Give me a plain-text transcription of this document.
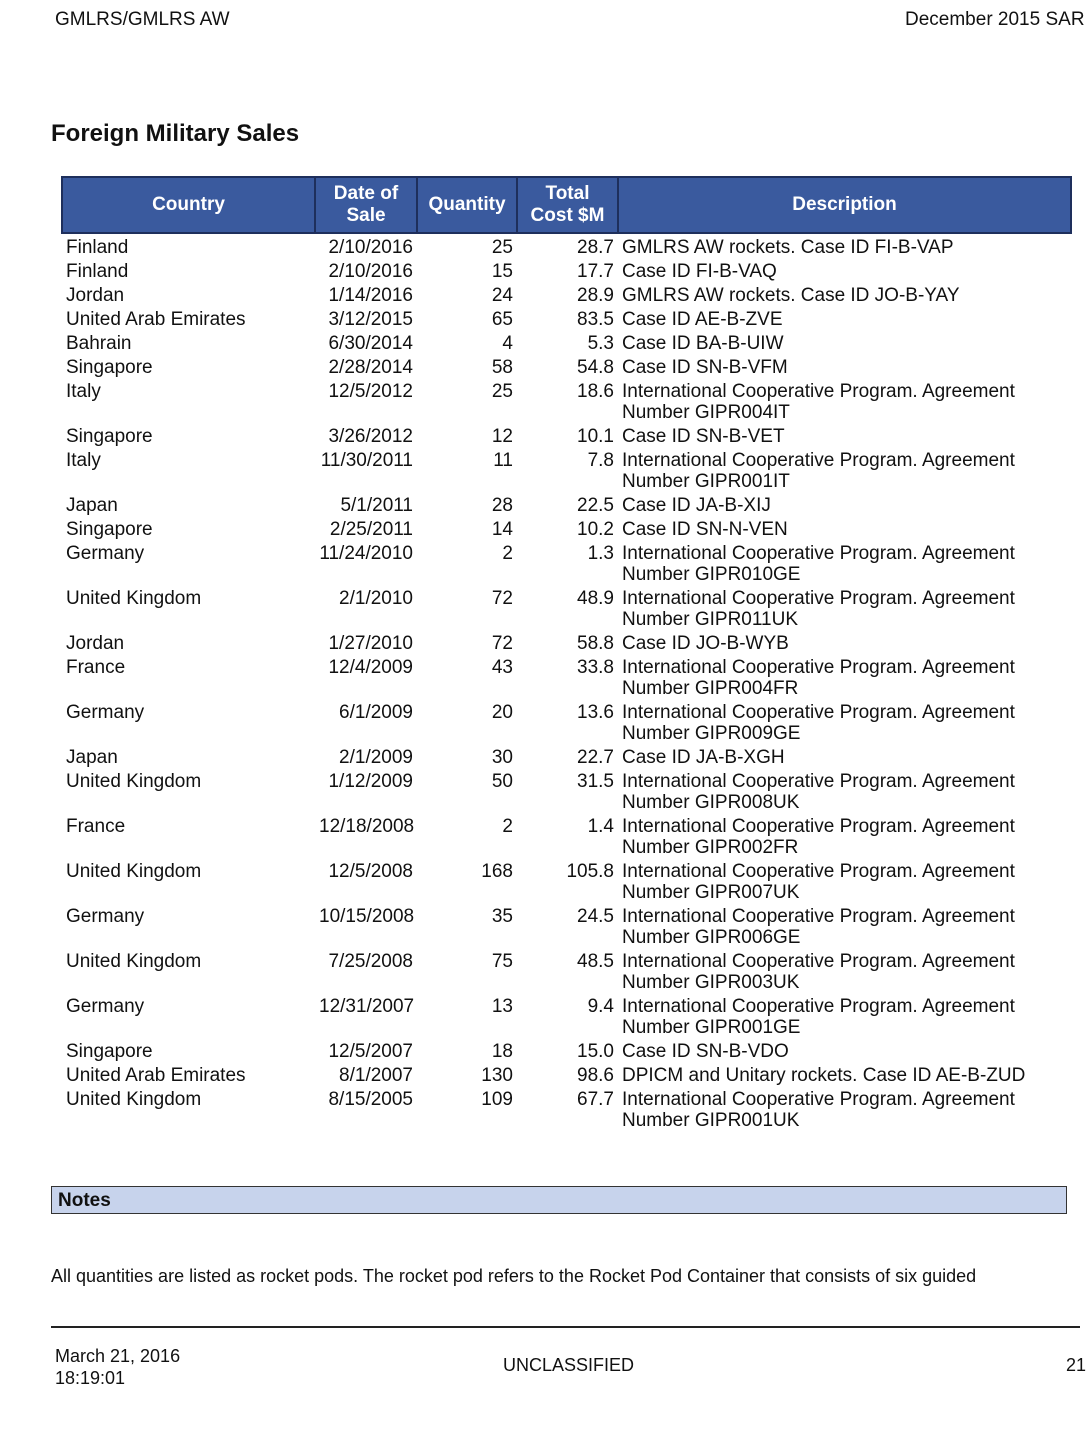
GMLRS/GMLRS AW	December 2015 SAR
Foreign Military Sales
Country	Date of Sale	Quantity	Total Cost $M	Description
Finland	2/10/2016	25	28.7	GMLRS AW rockets. Case ID FI-B-VAP

Finland	2/10/2016	15	17.7	Case ID FI-B-VAQ

Jordan	1/14/2016	24	28.9	GMLRS AW rockets. Case ID JO-B-YAY

United Arab Emirates	3/12/2015	65	83.5	Case ID AE-B-ZVE

Bahrain	6/30/2014	4	5.3	Case ID BA-B-UIW

Singapore	2/28/2014	58	54.8	Case ID SN-B-VFM

Italy	12/5/2012	25	18.6	International Cooperative Program. Agreement
Number GIPR004IT

Singapore	3/26/2012	12	10.1	Case ID SN-B-VET

Italy	11/30/2011	11	7.8	International Cooperative Program. Agreement
Number GIPR001IT

Japan	5/1/2011	28	22.5	Case ID JA-B-XIJ

Singapore	2/25/2011	14	10.2	Case ID SN-N-VEN

Germany	11/24/2010	2	1.3	International Cooperative Program. Agreement
Number GIPR010GE

United Kingdom	2/1/2010	72	48.9	International Cooperative Program. Agreement
Number GIPR011UK

Jordan	1/27/2010	72	58.8	Case ID JO-B-WYB

France	12/4/2009	43	33.8	International Cooperative Program. Agreement
Number GIPR004FR

Germany	6/1/2009	20	13.6	International Cooperative Program. Agreement
Number GIPR009GE

Japan	2/1/2009	30	22.7	Case ID JA-B-XGH

United Kingdom	1/12/2009	50	31.5	International Cooperative Program. Agreement
Number GIPR008UK

France	12/18/2008	2	1.4	International Cooperative Program. Agreement
Number GIPR002FR

United Kingdom	12/5/2008	168	105.8	International Cooperative Program. Agreement
Number GIPR007UK

Germany	10/15/2008	35	24.5	International Cooperative Program. Agreement
Number GIPR006GE

United Kingdom	7/25/2008	75	48.5	International Cooperative Program. Agreement
Number GIPR003UK

Germany	12/31/2007	13	9.4	International Cooperative Program. Agreement
Number GIPR001GE

Singapore	12/5/2007	18	15.0	Case ID SN-B-VDO

United Arab Emirates	8/1/2007	130	98.6	DPICM and Unitary rockets. Case ID AE-B-ZUD

United Kingdom	8/15/2005	109	67.7	International Cooperative Program. Agreement
Number GIPR001UK
Notes
All quantities are listed as rocket pods. The rocket pod refers to the Rocket Pod Container that consists of six guided
March 21, 2016
18:19:01
UNCLASSIFIED	21
